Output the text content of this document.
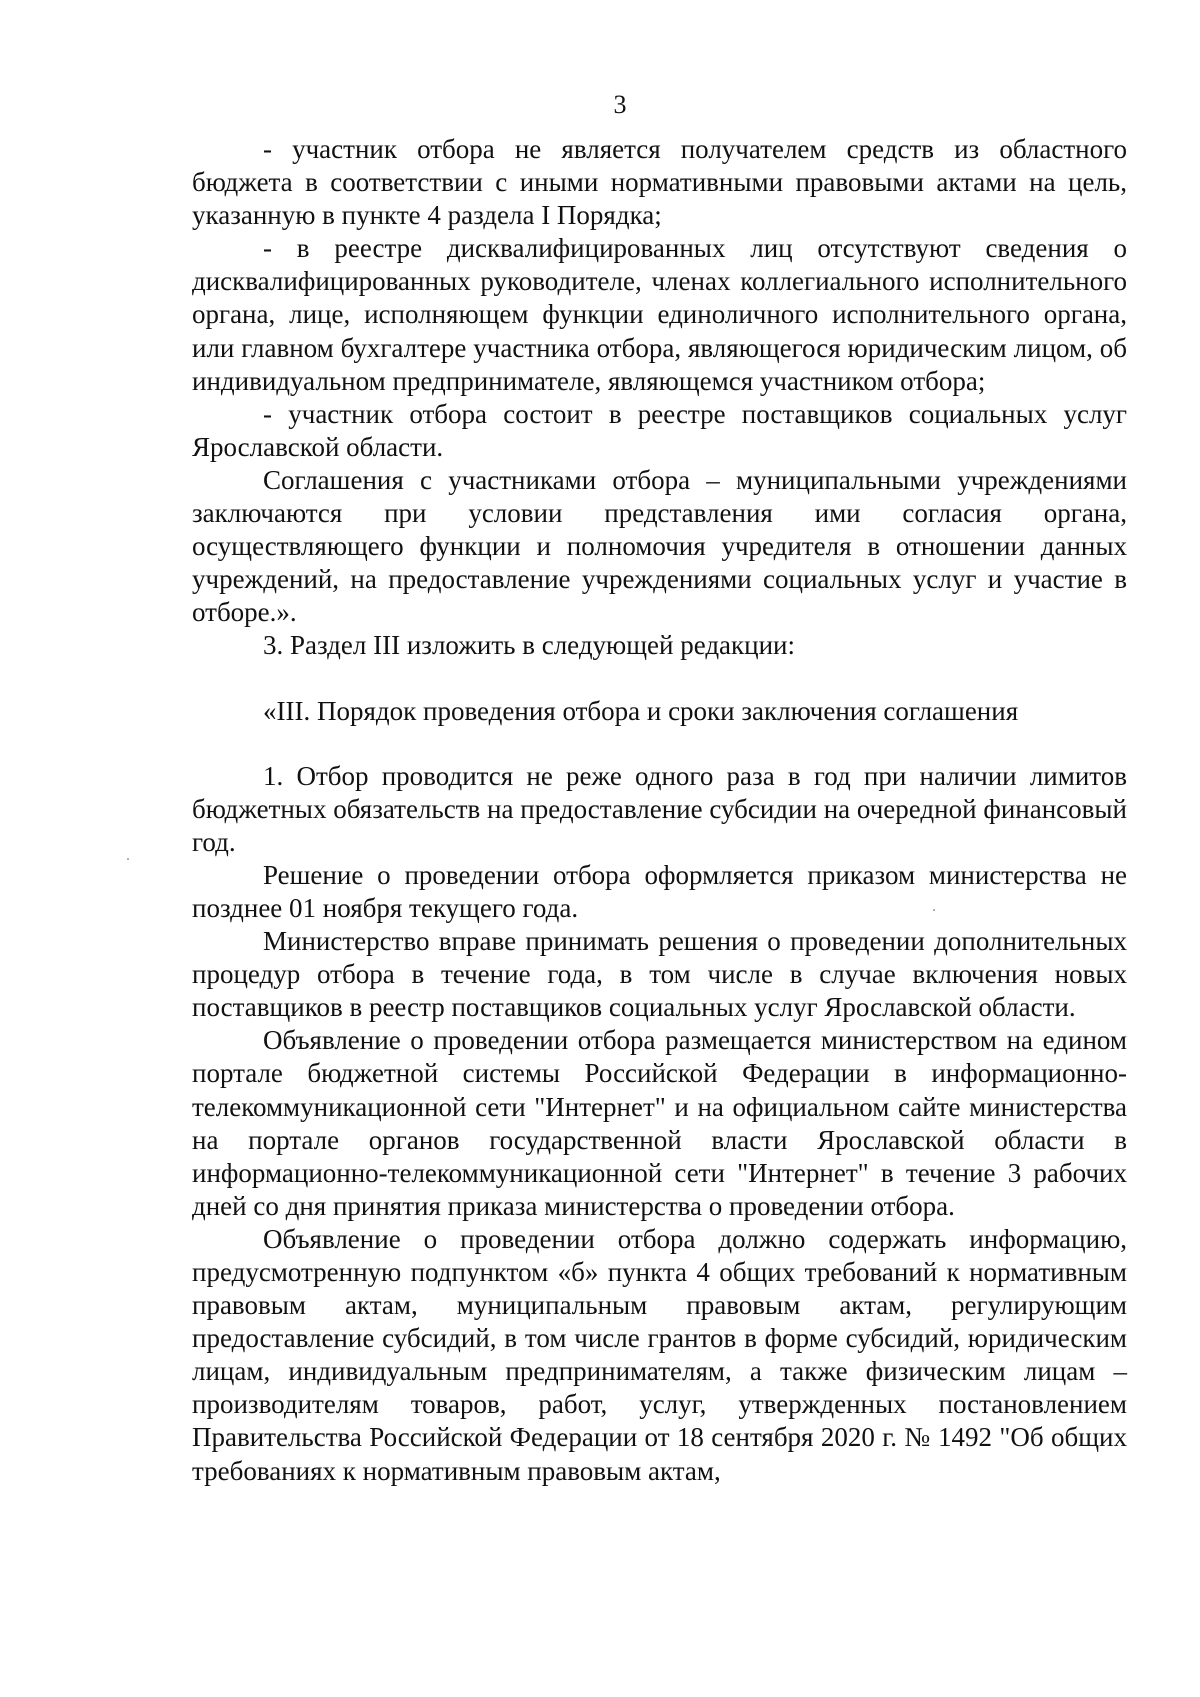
3

- участник отбора не является получателем средств из областного бюджета в соответствии с иными нормативными правовыми актами на цель, указанную в пункте 4 раздела I Порядка;

- в реестре дисквалифицированных лиц отсутствуют сведения о дисквалифицированных руководителе, членах коллегиального исполнительного органа, лице, исполняющем функции единоличного исполнительного органа, или главном бухгалтере участника отбора, являющегося юридическим лицом, об индивидуальном предпринимателе, являющемся участником отбора;

- участник отбора состоит в реестре поставщиков социальных услуг Ярославской области.

Соглашения с участниками отбора – муниципальными учреждениями заключаются при условии представления ими согласия органа, осуществляющего функции и полномочия учредителя в отношении данных учреждений, на предоставление учреждениями социальных услуг и участие в отборе.».

3. Раздел III изложить в следующей редакции:

«III. Порядок проведения отбора и сроки заключения соглашения

1. Отбор проводится не реже одного раза в год при наличии лимитов бюджетных обязательств на предоставление субсидии на очередной финансовый год.

Решение о проведении отбора оформляется приказом министерства не позднее 01 ноября текущего года.

Министерство вправе принимать решения о проведении дополнительных процедур отбора в течение года, в том числе в случае включения новых поставщиков в реестр поставщиков социальных услуг Ярославской области.

Объявление о проведении отбора размещается министерством на едином портале бюджетной системы Российской Федерации в информационно-телекоммуникационной сети "Интернет" и на официальном сайте министерства на портале органов государственной власти Ярославской области в информационно-телекоммуникационной сети "Интернет" в течение 3 рабочих дней со дня принятия приказа министерства о проведении отбора.

Объявление о проведении отбора должно содержать информацию, предусмотренную подпунктом «б» пункта 4 общих требований к нормативным правовым актам, муниципальным правовым актам, регулирующим предоставление субсидий, в том числе грантов в форме субсидий, юридическим лицам, индивидуальным предпринимателям, а также физическим лицам – производителям товаров, работ, услуг, утвержденных постановлением Правительства Российской Федерации от 18 сентября 2020 г. № 1492 "Об общих требованиях к нормативным правовым актам,
